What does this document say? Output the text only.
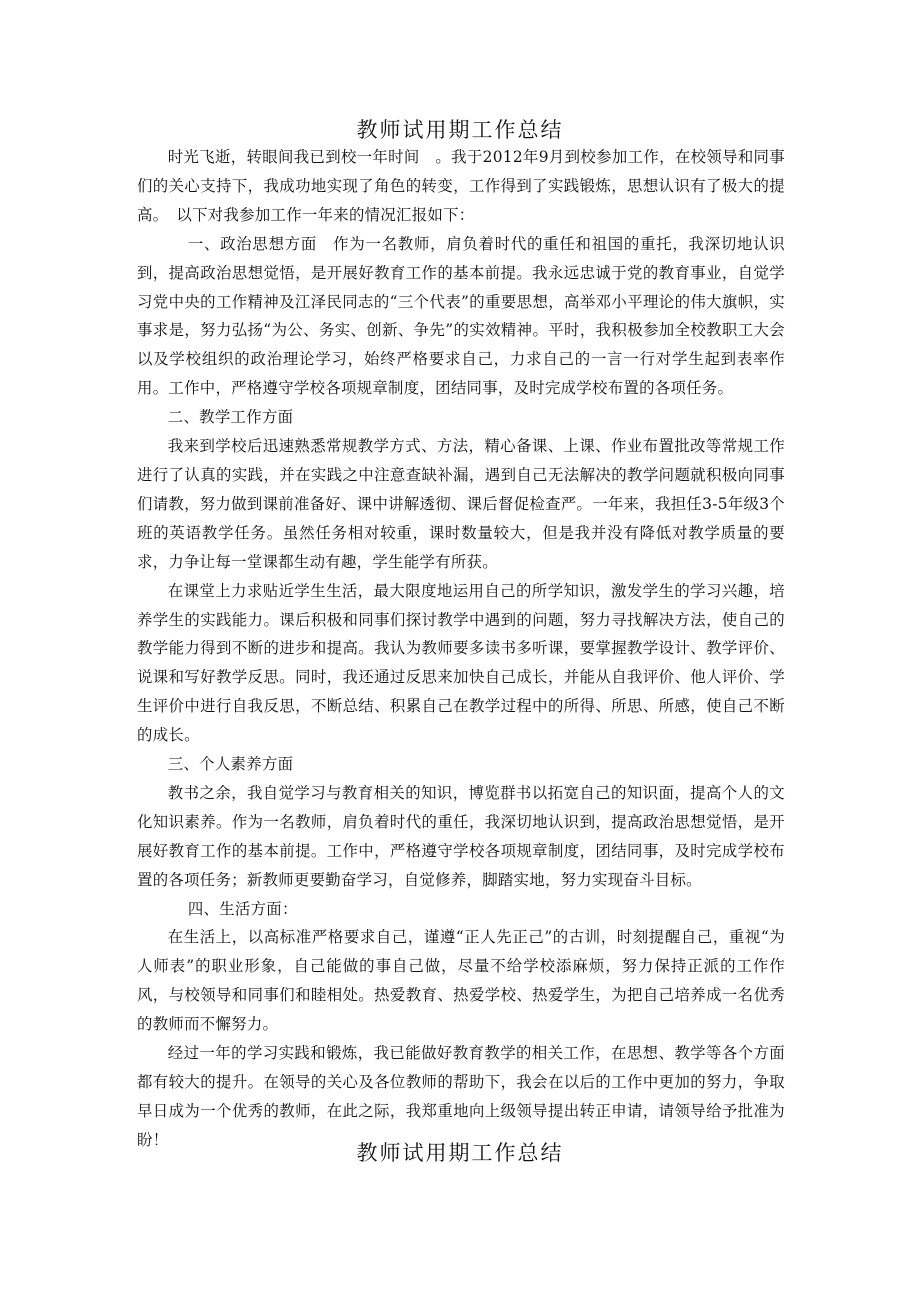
教师试用期工作总结

时光飞逝，转眼间我已到校一年时间　。我于2012年9月到校参加工作，在校领导和同事们的关心支持下，我成功地实现了角色的转变，工作得到了实践锻炼，思想认识有了极大的提高。　以下对我参加工作一年来的情况汇报如下：

一、政治思想方面　作为一名教师，肩负着时代的重任和祖国的重托，我深切地认识到，提高政治思想觉悟，是开展好教育工作的基本前提。我永远忠诚于党的教育事业，自觉学习党中央的工作精神及江泽民同志的“三个代表”的重要思想，高举邓小平理论的伟大旗帜，实事求是，努力弘扬“为公、务实、创新、争先”的实效精神。平时，我积极参加全校教职工大会以及学校组织的政治理论学习，始终严格要求自己，力求自己的一言一行对学生起到表率作用。工作中，严格遵守学校各项规章制度，团结同事，及时完成学校布置的各项任务。

二、教学工作方面

我来到学校后迅速熟悉常规教学方式、方法，精心备课、上课、作业布置批改等常规工作进行了认真的实践，并在实践之中注意查缺补漏，遇到自己无法解决的教学问题就积极向同事们请教，努力做到课前准备好、课中讲解透彻、课后督促检查严。一年来，我担任3-5年级3个班的英语教学任务。虽然任务相对较重，课时数量较大，但是我并没有降低对教学质量的要求，力争让每一堂课都生动有趣，学生能学有所获。

在课堂上力求贴近学生生活，最大限度地运用自己的所学知识，激发学生的学习兴趣，培养学生的实践能力。课后积极和同事们探讨教学中遇到的问题，努力寻找解决方法，使自己的教学能力得到不断的进步和提高。我认为教师要多读书多听课，要掌握教学设计、教学评价、说课和写好教学反思。同时，我还通过反思来加快自己成长，并能从自我评价、他人评价、学生评价中进行自我反思，不断总结、积累自己在教学过程中的所得、所思、所感，使自己不断的成长。

三、个人素养方面

教书之余，我自觉学习与教育相关的知识，博览群书以拓宽自己的知识面，提高个人的文化知识素养。作为一名教师，肩负着时代的重任，我深切地认识到，提高政治思想觉悟，是开展好教育工作的基本前提。工作中，严格遵守学校各项规章制度，团结同事，及时完成学校布置的各项任务；新教师更要勤奋学习，自觉修养，脚踏实地，努力实现奋斗目标。

四、生活方面：

在生活上，以高标准严格要求自己，谨遵“正人先正己”的古训，时刻提醒自己，重视“为人师表”的职业形象，自己能做的事自己做，尽量不给学校添麻烦，努力保持正派的工作作风，与校领导和同事们和睦相处。热爱教育、热爱学校、热爱学生，为把自己培养成一名优秀的教师而不懈努力。

经过一年的学习实践和锻炼，我已能做好教育教学的相关工作，在思想、教学等各个方面都有较大的提升。在领导的关心及各位教师的帮助下，我会在以后的工作中更加的努力，争取早日成为一个优秀的教师，在此之际，我郑重地向上级领导提出转正申请，请领导给予批准为盼！

教师试用期工作总结
